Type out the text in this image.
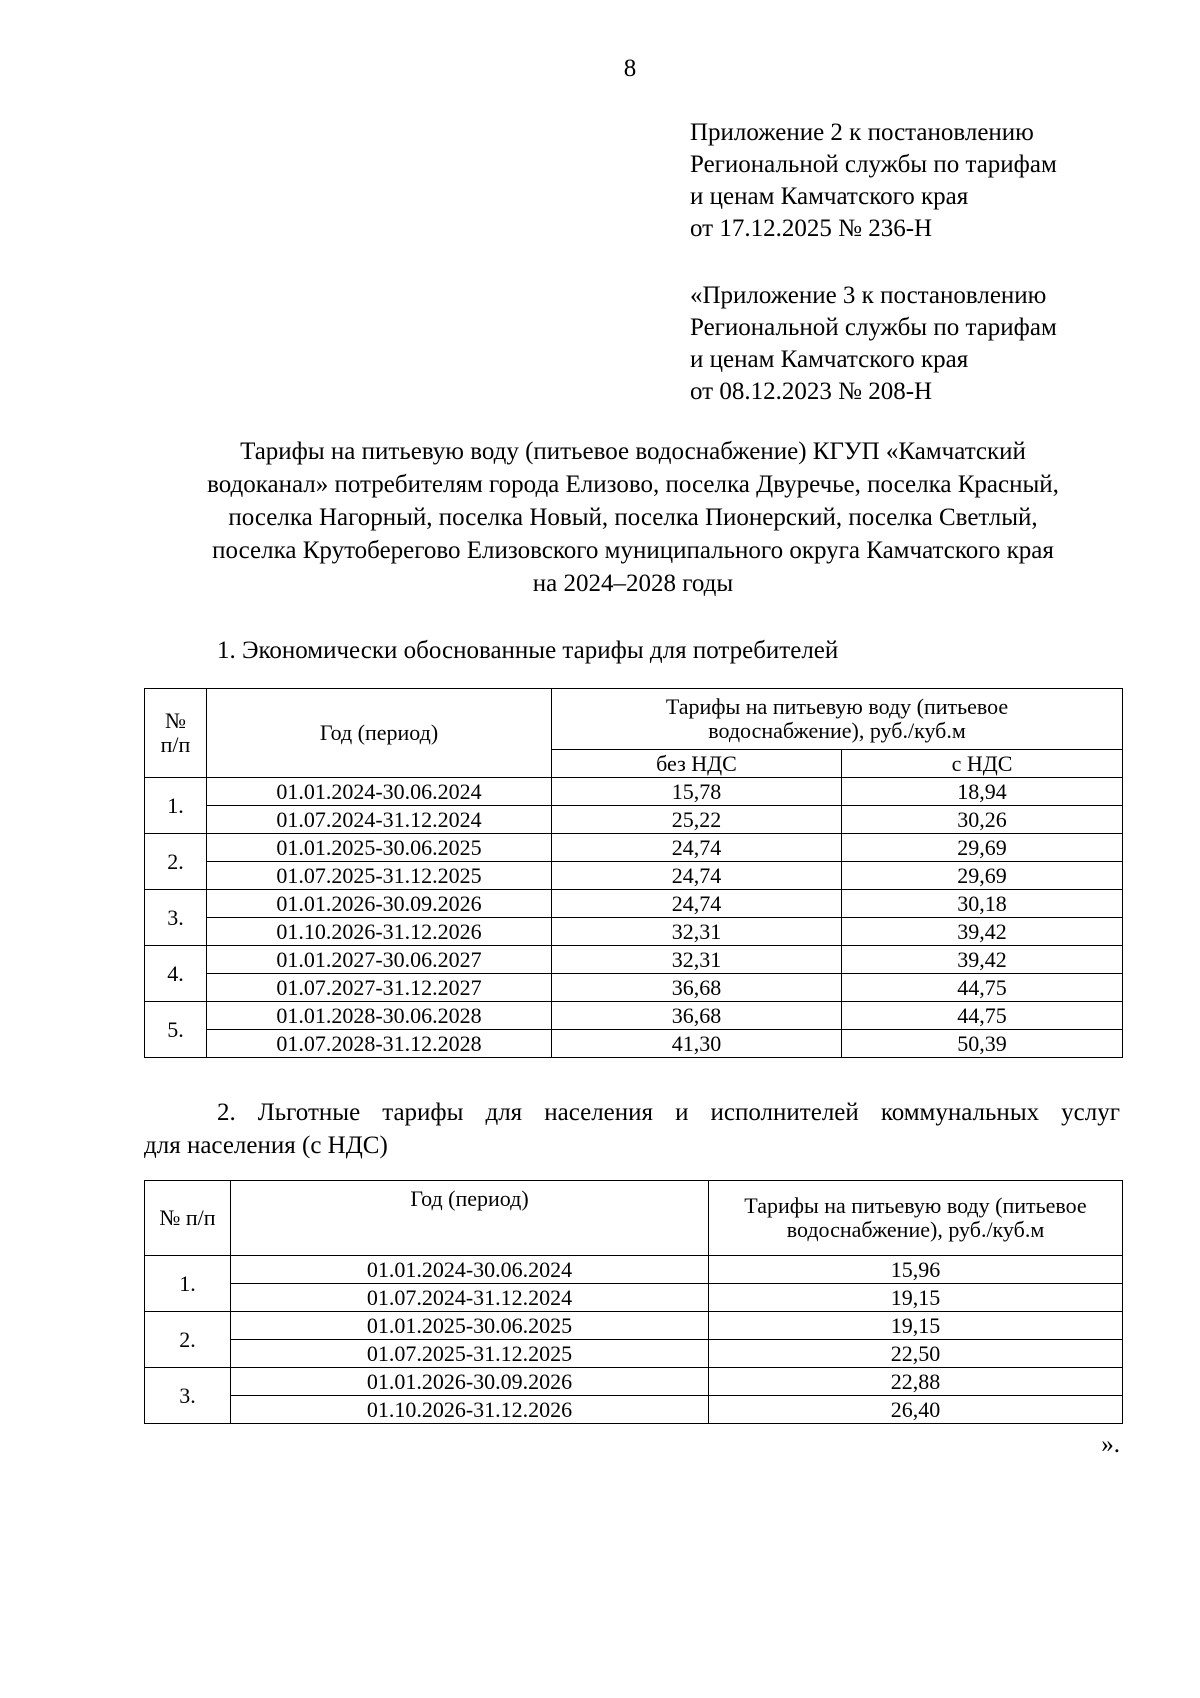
8
Приложение 2 к постановлению
Региональной службы по тарифам
и ценам Камчатского края
от 17.12.2025 № 236-Н
«Приложение 3 к постановлению
Региональной службы по тарифам
и ценам Камчатского края
от 08.12.2023 № 208-Н
Тарифы на питьевую воду (питьевое водоснабжение) КГУП «Камчатский
водоканал» потребителям города Елизово, поселка Двуречье, поселка Красный,
поселка Нагорный, поселка Новый, поселка Пионерский, поселка Светлый,
поселка Крутоберегово Елизовского муниципального округа Камчатского края
на 2024–2028 годы
1. Экономически обоснованные тарифы для потребителей
№
п/п	Год (период)	Тарифы на питьевую воду (питьевое водоснабжение), руб./куб.м	
		без НДС	с НДС
1.	01.01.2024-30.06.2024	15,78	18,94
	01.07.2024-31.12.2024	25,22	30,26
2.	01.01.2025-30.06.2025	24,74	29,69
	01.07.2025-31.12.2025	24,74	29,69
3.	01.01.2026-30.09.2026	24,74	30,18
	01.10.2026-31.12.2026	32,31	39,42
4.	01.01.2027-30.06.2027	32,31	39,42
	01.07.2027-31.12.2027	36,68	44,75
5.	01.01.2028-30.06.2028	36,68	44,75
	01.07.2028-31.12.2028	41,30	50,39
2. Льготные тарифы для населения и исполнителей коммунальных услуг
для населения (с НДС)
№ п/п	Год (период)	Тарифы на питьевую воду (питьевое водоснабжение), руб./куб.м
1.	01.01.2024-30.06.2024	15,96
	01.07.2024-31.12.2024	19,15
2.	01.01.2025-30.06.2025	19,15
	01.07.2025-31.12.2025	22,50
3.	01.01.2026-30.09.2026	22,88
	01.10.2026-31.12.2026	26,40
».
